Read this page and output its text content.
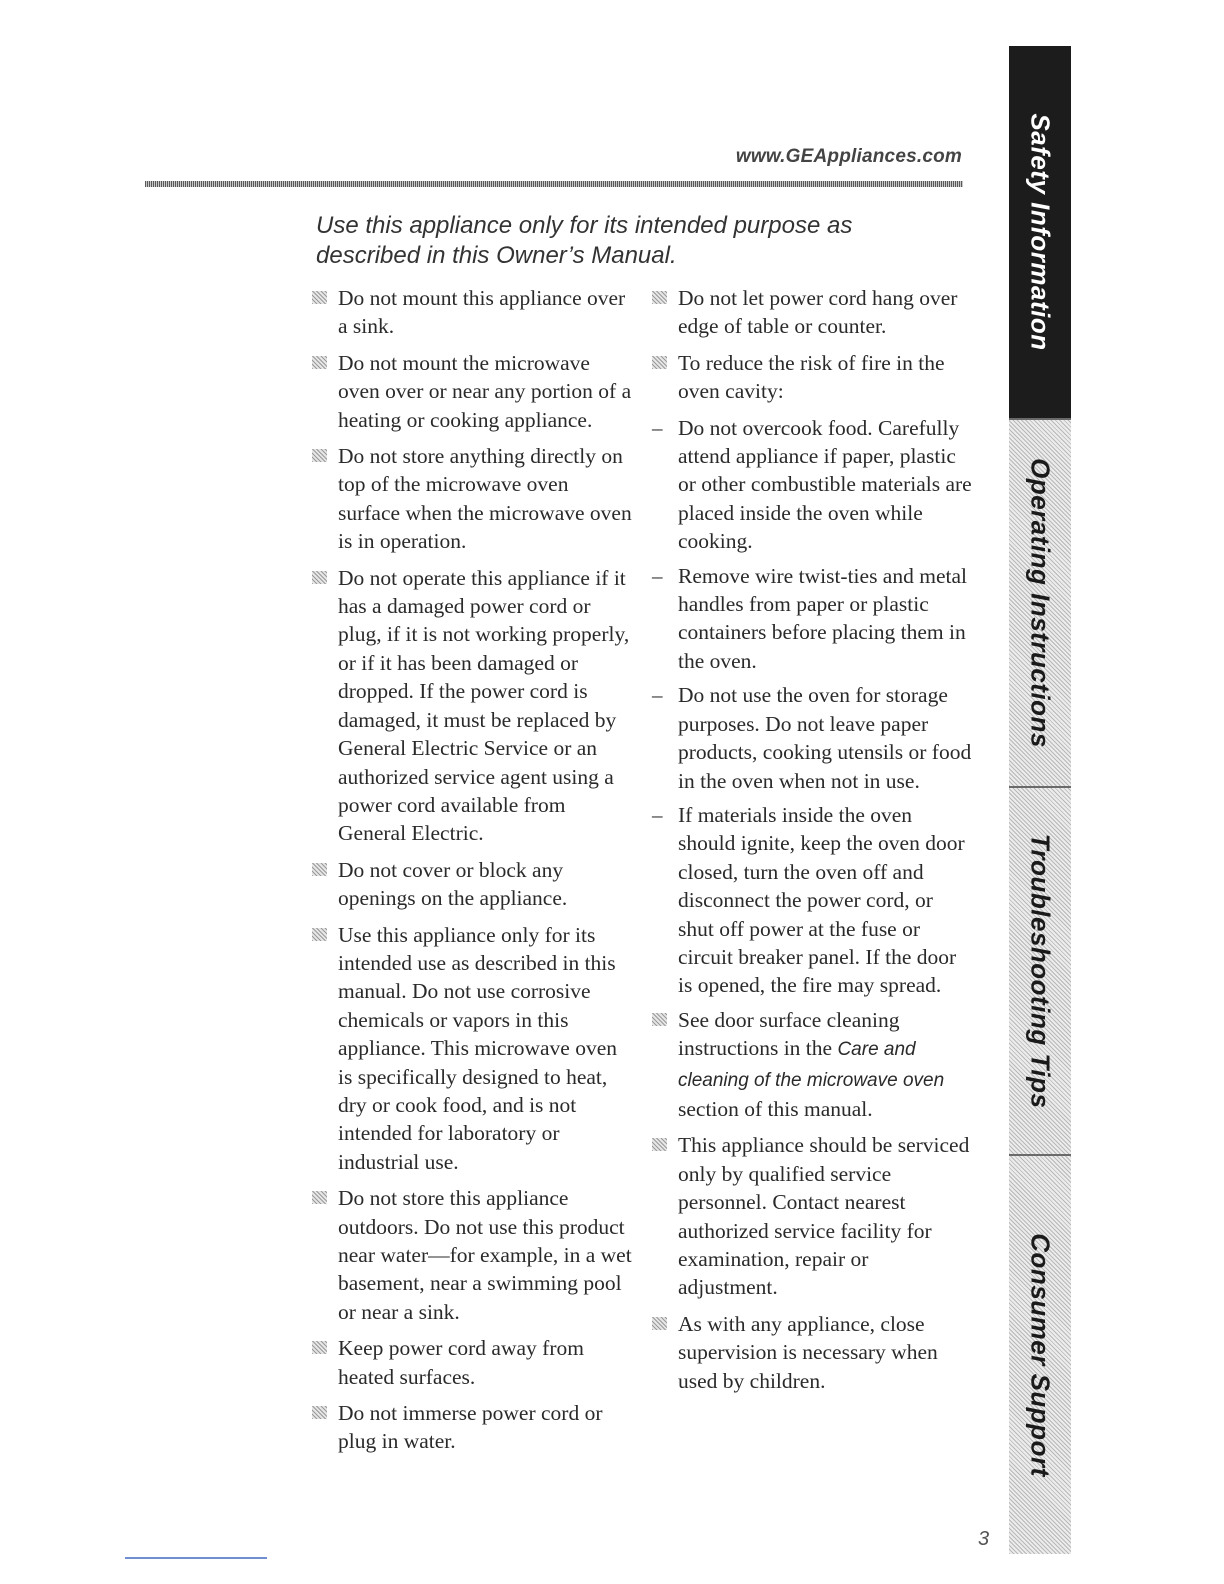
www.GEAppliances.com
Use this appliance only for its intended purpose as described in this Owner’s Manual.
Do not mount this appliance over a sink.
Do not mount the microwave oven over or near any portion of a heating or cooking appliance.
Do not store anything directly on top of the microwave oven surface when the microwave oven is in operation.
Do not operate this appliance if it has a damaged power cord or plug, if it is not working properly, or if it has been damaged or dropped. If the power cord is damaged, it must be replaced by General Electric Service or an authorized service agent using a power cord available from General Electric.
Do not cover or block any openings on the appliance.
Use this appliance only for its intended use as described in this manual. Do not use corrosive chemicals or vapors in this appliance. This microwave oven is specifically designed to heat, dry or cook food, and is not intended for laboratory or industrial use.
Do not store this appliance outdoors. Do not use this product near water—for example, in a wet basement, near a swimming pool or near a sink.
Keep power cord away from heated surfaces.
Do not immerse power cord or plug in water.
Do not let power cord hang over edge of table or counter.
To reduce the risk of fire in the oven cavity:
– Do not overcook food. Carefully attend appliance if paper, plastic or other combustible materials are placed inside the oven while cooking.
– Remove wire twist-ties and metal handles from paper or plastic containers before placing them in the oven.
– Do not use the oven for storage purposes. Do not leave paper products, cooking utensils or food in the oven when not in use.
– If materials inside the oven should ignite, keep the oven door closed, turn the oven off and disconnect the power cord, or shut off power at the fuse or circuit breaker panel. If the door is opened, the fire may spread.
See door surface cleaning instructions in the Care and cleaning of the microwave oven section of this manual.
This appliance should be serviced only by qualified service personnel. Contact nearest authorized service facility for examination, repair or adjustment.
As with any appliance, close supervision is necessary when used by children.
Safety Information
Operating Instructions
Troubleshooting Tips
Consumer Support
3
